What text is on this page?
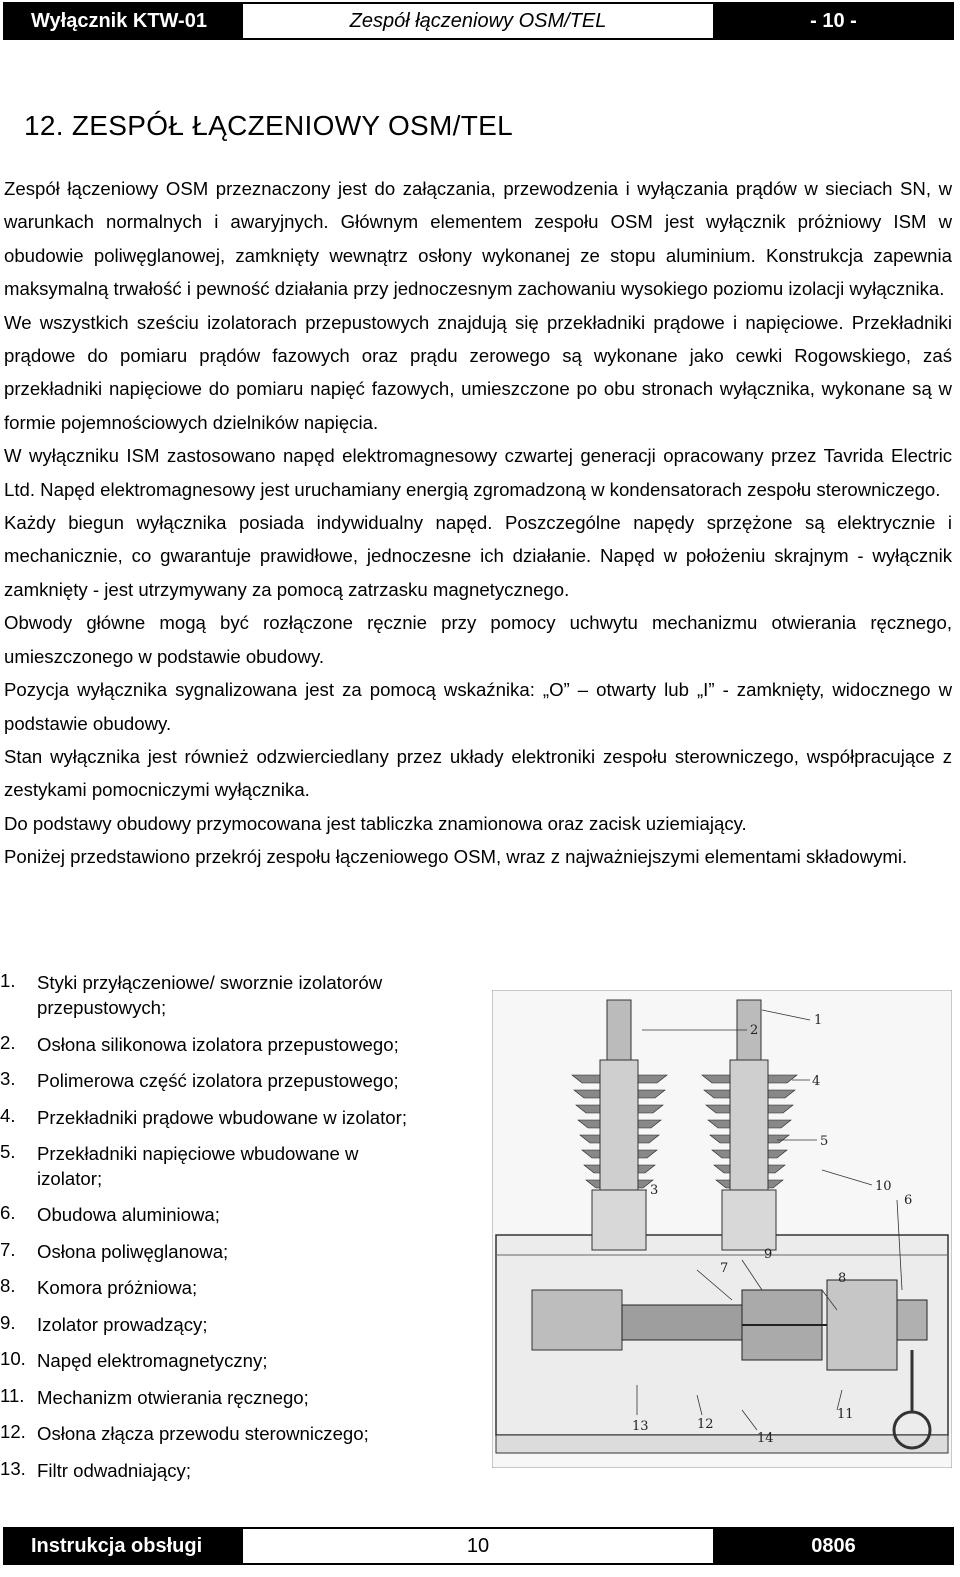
Wyłącznik KTW-01	Zespół łączeniowy OSM/TEL	- 10 -
12. ZESPÓŁ ŁĄCZENIOWY OSM/TEL

Zespół łączeniowy OSM przeznaczony jest do załączania, przewodzenia i wyłączania prądów w sieciach SN, w warunkach normalnych i awaryjnych. Głównym elementem zespołu OSM jest wyłącznik próżniowy ISM w obudowie poliwęglanowej, zamknięty wewnątrz osłony wykonanej ze stopu aluminium. Konstrukcja zapewnia maksymalną trwałość i pewność działania przy jednoczesnym zachowaniu wysokiego poziomu izolacji wyłącznika.

We wszystkich sześciu izolatorach przepustowych znajdują się przekładniki prądowe i napięciowe. Przekładniki prądowe do pomiaru prądów fazowych oraz prądu zerowego są wykonane jako cewki Rogowskiego, zaś przekładniki napięciowe do pomiaru napięć fazowych, umieszczone po obu stronach wyłącznika, wykonane są w formie pojemnościowych dzielników napięcia.

W wyłączniku ISM zastosowano napęd elektromagnesowy czwartej generacji opracowany przez Tavrida Electric Ltd. Napęd elektromagnesowy jest uruchamiany energią zgromadzoną w kondensatorach zespołu sterowniczego.

Każdy biegun wyłącznika posiada indywidualny napęd. Poszczególne napędy sprzężone są elektrycznie i mechanicznie, co gwarantuje prawidłowe, jednoczesne ich działanie. Napęd w położeniu skrajnym - wyłącznik zamknięty - jest utrzymywany za pomocą zatrzasku magnetycznego.

Obwody główne mogą być rozłączone ręcznie przy pomocy uchwytu mechanizmu otwierania ręcznego, umieszczonego w podstawie obudowy.

Pozycja wyłącznika sygnalizowana jest za pomocą wskaźnika: „O” – otwarty lub „I” - zamknięty, widocznego w podstawie obudowy.

Stan wyłącznika jest również odzwierciedlany przez układy elektroniki zespołu sterowniczego, współpracujące z zestykami pomocniczymi wyłącznika.

Do podstawy obudowy przymocowana jest tabliczka znamionowa oraz zacisk uziemiający.

Poniżej przedstawiono przekrój zespołu łączeniowego OSM, wraz z najważniejszymi elementami składowymi.

1.	Styki przyłączeniowe/ sworznie izolatorów przepustowych;
2.	Osłona silikonowa izolatora przepustowego;
3.	Polimerowa część izolatora przepustowego;
4.	Przekładniki prądowe wbudowane w izolator;
5.	Przekładniki napięciowe wbudowane w izolator;
6.	Obudowa aluminiowa;
7.	Osłona poliwęglanowa;
8.	Komora próżniowa;
9.	Izolator prowadzący;
10. Napęd elektromagnetyczny;
11. Mechanizm otwierania ręcznego;
12. Osłona złącza przewodu sterowniczego;
13. Filtr odwadniający;
1
2
4
5
3	10
6
7
9
8
11
13	12
14
Instrukcja obsługi	10	0806
